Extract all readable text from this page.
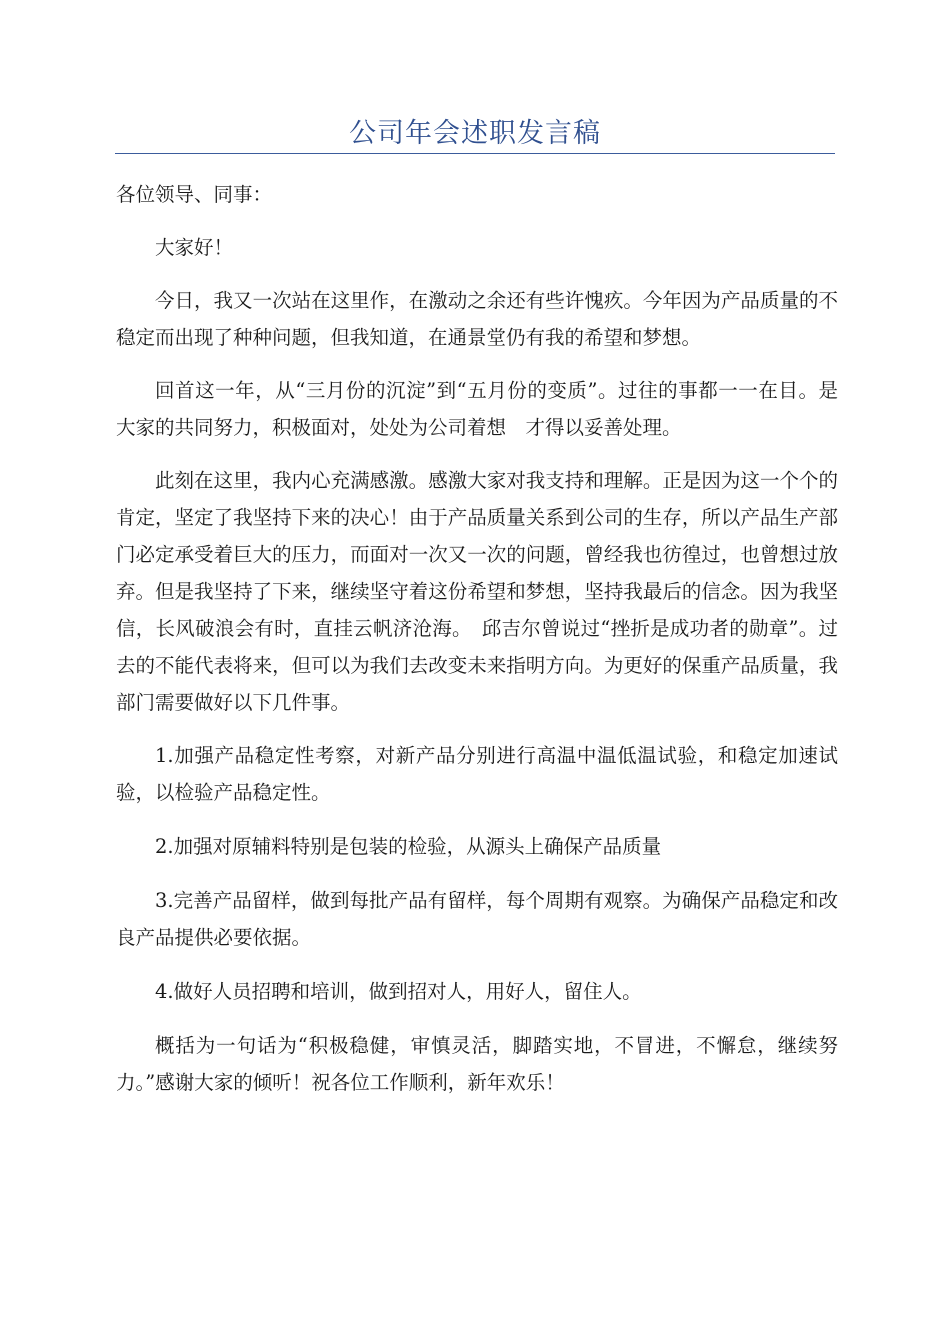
公司年会述职发言稿

各位领导、同事：

大家好！

今日，我又一次站在这里作，在激动之余还有些许愧疚。今年因为产品质量的不稳定而出现了种种问题，但我知道，在通景堂仍有我的希望和梦想。

回首这一年，从“三月份的沉淀”到“五月份的变质”。过往的事都一一在目。是大家的共同努力，积极面对，处处为公司着想　才得以妥善处理。

此刻在这里，我内心充满感激。感激大家对我支持和理解。正是因为这一个个的肯定，坚定了我坚持下来的决心！由于产品质量关系到公司的生存，所以产品生产部门必定承受着巨大的压力，而面对一次又一次的问题，曾经我也彷徨过，也曾想过放弃。但是我坚持了下来，继续坚守着这份希望和梦想，坚持我最后的信念。因为我坚信，长风破浪会有时，直挂云帆济沧海。　邱吉尔曾说过“挫折是成功者的勋章”。过去的不能代表将来，但可以为我们去改变未来指明方向。为更好的保重产品质量，我部门需要做好以下几件事。

1.加强产品稳定性考察，对新产品分别进行高温中温低温试验，和稳定加速试验，以检验产品稳定性。

2.加强对原辅料特别是包装的检验，从源头上确保产品质量

3.完善产品留样，做到每批产品有留样，每个周期有观察。为确保产品稳定和改良产品提供必要依据。

4.做好人员招聘和培训，做到招对人，用好人，留住人。

概括为一句话为“积极稳健，审慎灵活，脚踏实地，不冒进，不懈怠，继续努力。”感谢大家的倾听！祝各位工作顺利，新年欢乐！
